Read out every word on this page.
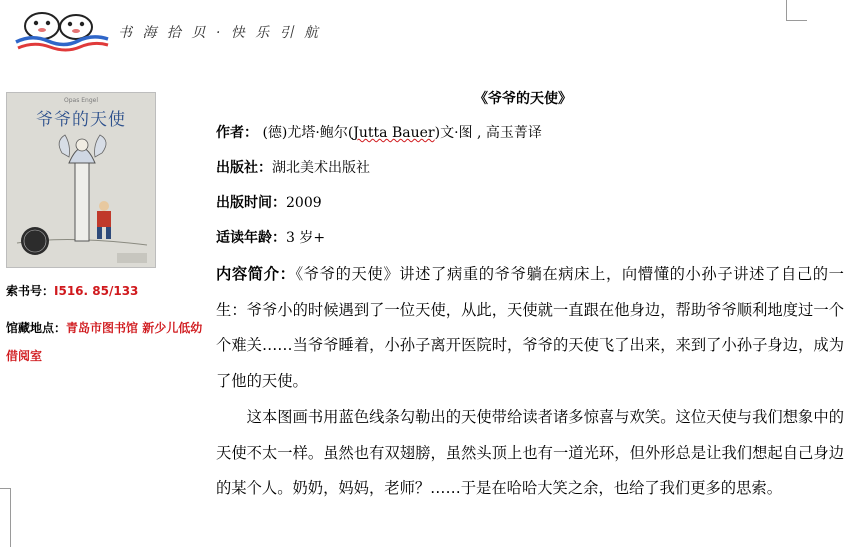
书 海 拾 贝 · 快 乐 引 航
Opas Engel
爷爷的天使
索书号：I516. 85/133
馆藏地点：青岛市图书馆 新少儿低幼借阅室
《爷爷的天使》
作者： (德)尤塔·鲍尔(Jutta Bauer)文·图 , 高玉菁译
出版社：湖北美术出版社
出版时间：2009
适读年龄：3 岁+

内容简介：《爷爷的天使》讲述了病重的爷爷躺在病床上，向懵懂的小孙子讲述了自己的一生：爷爷小的时候遇到了一位天使，从此，天使就一直跟在他身边，帮助爷爷顺利地度过一个个难关……当爷爷睡着，小孙子离开医院时，爷爷的天使飞了出来，来到了小孙子身边，成为了他的天使。

这本图画书用蓝色线条勾勒出的天使带给读者诸多惊喜与欢笑。这位天使与我们想象中的天使不太一样。虽然也有双翅膀，虽然头顶上也有一道光环，但外形总是让我们想起自己身边的某个人。奶奶，妈妈，老师？……于是在哈哈大笑之余，也给了我们更多的思索。
